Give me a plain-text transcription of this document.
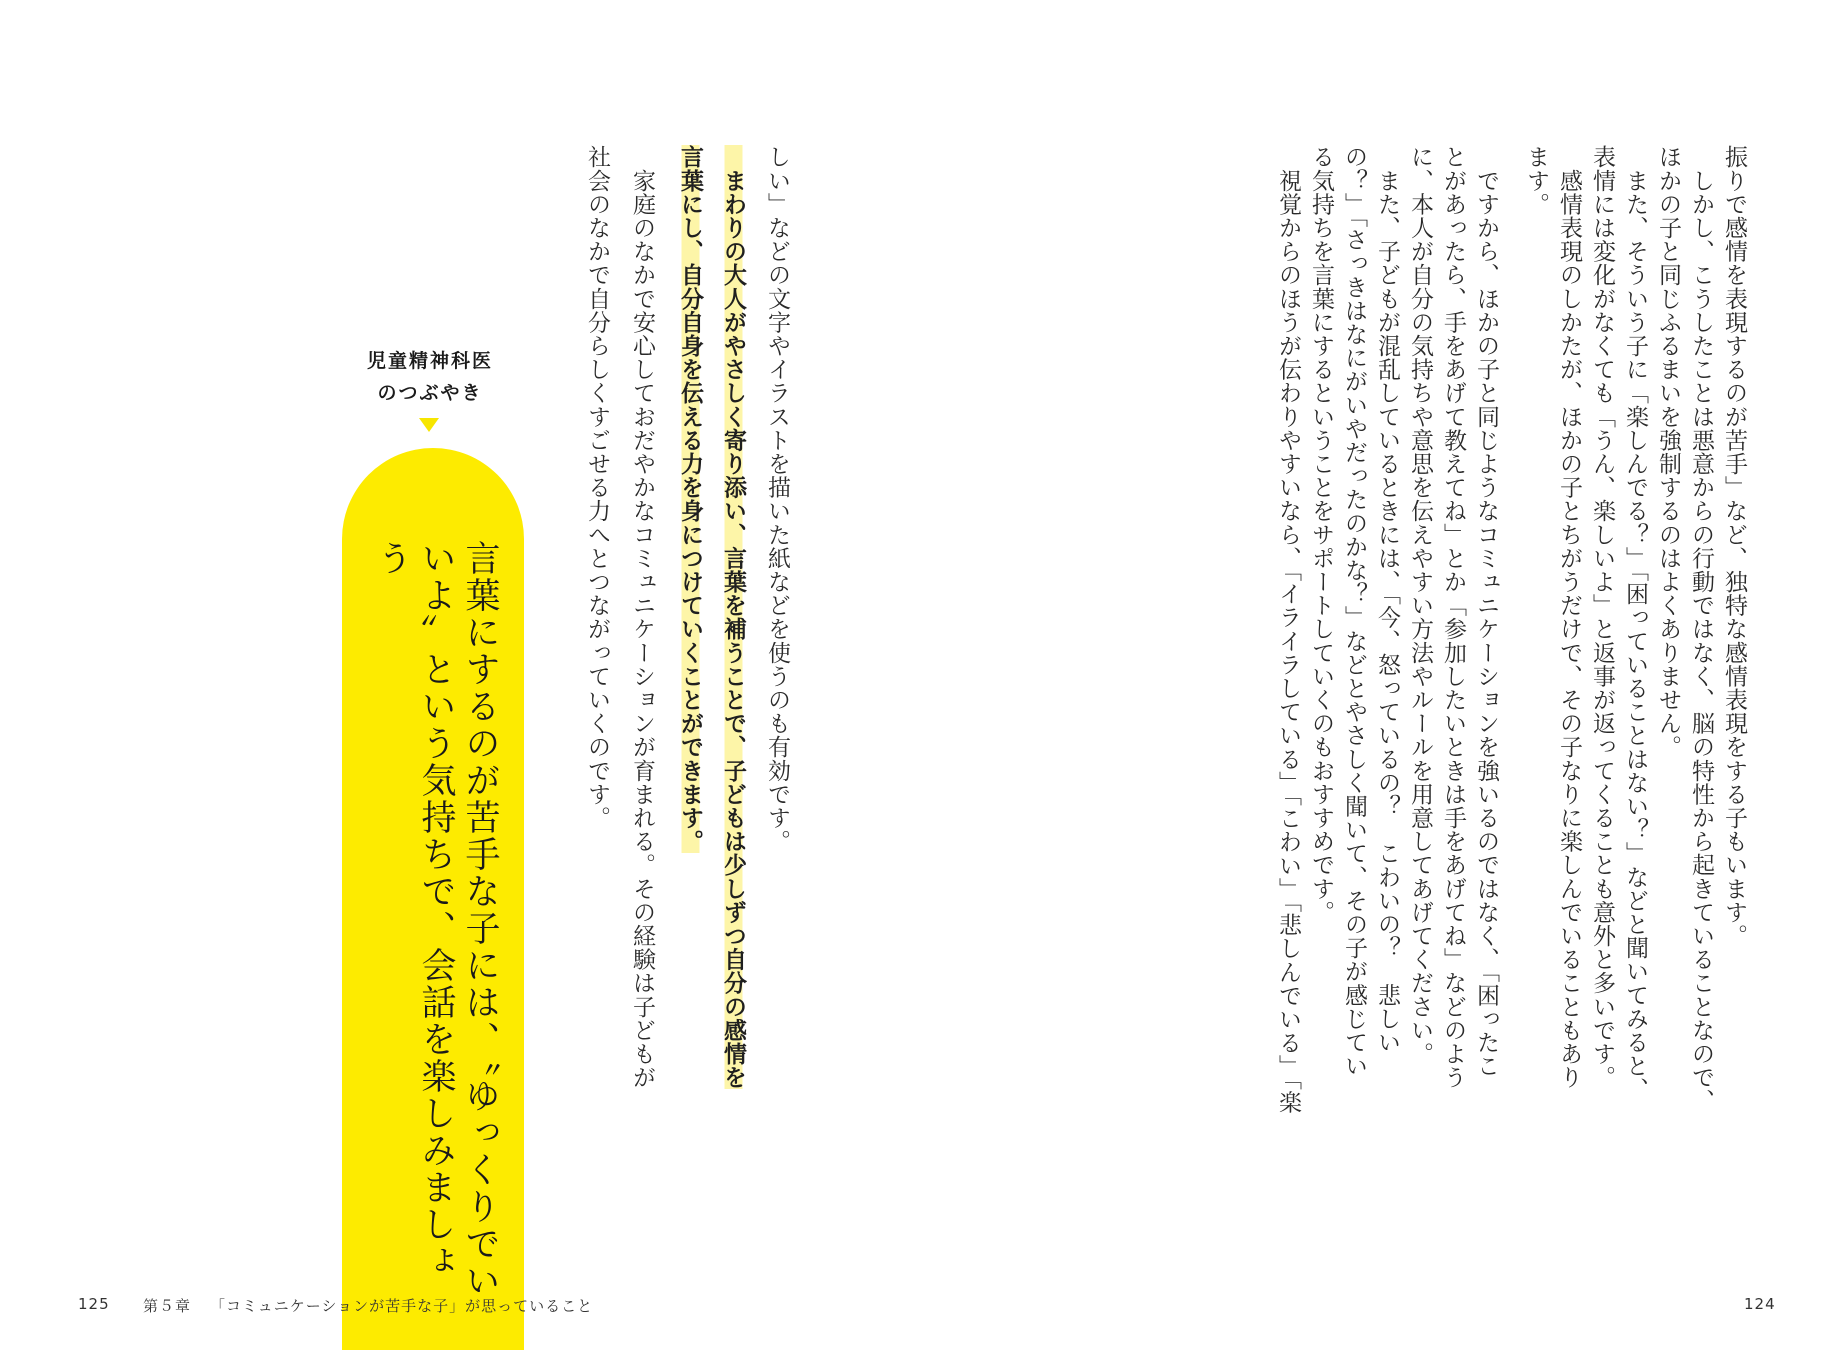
振りで感情を表現するのが苦手」など、独特な感情表現をする子もいます。
　しかし、こうしたことは悪意からの行動ではなく、脳の特性から起きていることなので、
ほかの子と同じふるまいを強制するのはよくありません。
　また、そういう子に「楽しんでる？」「困っていることはない？」などと聞いてみると、
表情には変化がなくても「うん、楽しいよ」と返事が返ってくることも意外と多いです。
　感情表現のしかたが、ほかの子とちがうだけで、その子なりに楽しんでいることもあり
ます。
　ですから、ほかの子と同じようなコミュニケーションを強いるのではなく、「困ったこ
とがあったら、手をあげて教えてね」とか「参加したいときは手をあげてね」などのよう
に、本人が自分の気持ちや意思を伝えやすい方法やルールを用意してあげてください。
　また、子どもが混乱しているときには、「今、怒っているの？　こわいの？　悲しい
の？」「さっきはなにがいやだったのかな？」などとやさしく聞いて、その子が感じてい
る気持ちを言葉にするということをサポートしていくのもおすすめです。
　視覚からのほうが伝わりやすいなら、「イライラしている」「こわい」「悲しんでいる」「楽
124
しい」などの文字やイラストを描いた紙などを使うのも有効です。
　まわりの大人がやさしく寄り添い、言葉を補うことで、子どもは少しずつ自分の感情を
言葉にし、自分自身を伝える力を身につけていくことができます。
　家庭のなかで安心しておだやかなコミュニケーションが育まれる。その経験は子どもが
社会のなかで自分らしくすごせる力へとつながっていくのです。
児童精神科医
のつぶやき
言葉にするのが苦手な子には、〝ゆっくりでい
いよ〟という気持ちで、会話を楽しみましょ
う
125 第５章 「コミュニケーションが苦手な子」が思っていること
